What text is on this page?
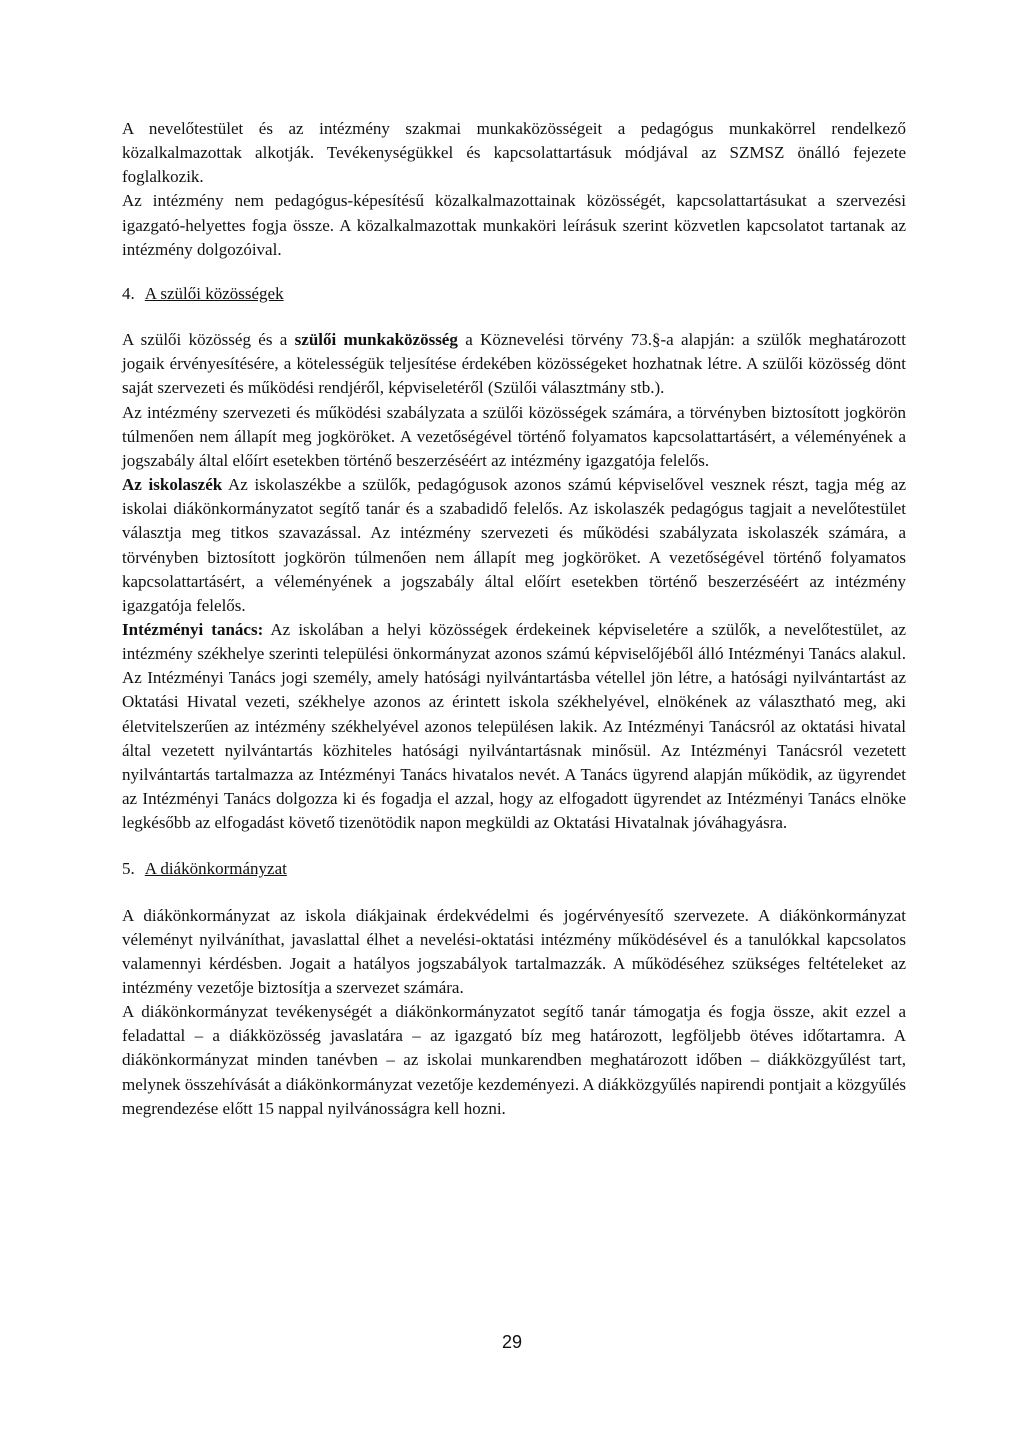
A nevelőtestület és az intézmény szakmai munkaközösségeit a pedagógus munkakörrel rendelkező közalkalmazottak alkotják. Tevékenységükkel és kapcsolattartásuk módjával az SZMSZ önálló fejezete foglalkozik.

Az intézmény nem pedagógus-képesítésű közalkalmazottainak közösségét, kapcsolattartásukat a szervezési igazgató-helyettes fogja össze. A közalkalmazottak munkaköri leírásuk szerint közvetlen kapcsolatot tartanak az intézmény dolgozóival.

4. A szülői közösségek

A szülői közösség és a szülői munkaközösség a Köznevelési törvény 73.§-a alapján: a szülők meghatározott jogaik érvényesítésére, a kötelességük teljesítése érdekében közösségeket hozhatnak létre. A szülői közösség dönt saját szervezeti és működési rendjéről, képviseletéről (Szülői választmány stb.).

Az intézmény szervezeti és működési szabályzata a szülői közösségek számára, a törvényben biztosított jogkörön túlmenően nem állapít meg jogköröket. A vezetőségével történő folyamatos kapcsolattartásért, a véleményének a jogszabály által előírt esetekben történő beszerzéséért az intézmény igazgatója felelős.

Az iskolaszék Az iskolaszékbe a szülők, pedagógusok azonos számú képviselővel vesznek részt, tagja még az iskolai diákönkormányzatot segítő tanár és a szabadidő felelős. Az iskolaszék pedagógus tagjait a nevelőtestület választja meg titkos szavazással. Az intézmény szervezeti és működési szabályzata iskolaszék számára, a törvényben biztosított jogkörön túlmenően nem állapít meg jogköröket. A vezetőségével történő folyamatos kapcsolattartásért, a véleményének a jogszabály által előírt esetekben történő beszerzéséért az intézmény igazgatója felelős.

Intézményi tanács: Az iskolában a helyi közösségek érdekeinek képviseletére a szülők, a nevelőtestület, az intézmény székhelye szerinti települési önkormányzat azonos számú képviselőjéből álló Intézményi Tanács alakul. Az Intézményi Tanács jogi személy, amely hatósági nyilvántartásba vétellel jön létre, a hatósági nyilvántartást az Oktatási Hivatal vezeti, székhelye azonos az érintett iskola székhelyével, elnökének az választható meg, aki életvitelszerűen az intézmény székhelyével azonos településen lakik. Az Intézményi Tanácsról az oktatási hivatal által vezetett nyilvántartás közhiteles hatósági nyilvántartásnak minősül. Az Intézményi Tanácsról vezetett nyilvántartás tartalmazza az Intézményi Tanács hivatalos nevét. A Tanács ügyrend alapján működik, az ügyrendet az Intézményi Tanács dolgozza ki és fogadja el azzal, hogy az elfogadott ügyrendet az Intézményi Tanács elnöke legkésőbb az elfogadást követő tizenötödik napon megküldi az Oktatási Hivatalnak jóváhagyásra.

5. A diákönkormányzat

A diákönkormányzat az iskola diákjainak érdekvédelmi és jogérvényesítő szervezete. A diákönkormányzat véleményt nyilváníthat, javaslattal élhet a nevelési-oktatási intézmény működésével és a tanulókkal kapcsolatos valamennyi kérdésben. Jogait a hatályos jogszabályok tartalmazzák. A működéséhez szükséges feltételeket az intézmény vezetője biztosítja a szervezet számára.

A diákönkormányzat tevékenységét a diákönkormányzatot segítő tanár támogatja és fogja össze, akit ezzel a feladattal – a diákközösség javaslatára – az igazgató bíz meg határozott, legföljebb ötéves időtartamra. A diákönkormányzat minden tanévben – az iskolai munkarendben meghatározott időben – diákközgyűlést tart, melynek összehívását a diákönkormányzat vezetője kezdeményezi. A diákközgyűlés napirendi pontjait a közgyűlés megrendezése előtt 15 nappal nyilvánosságra kell hozni.

29
